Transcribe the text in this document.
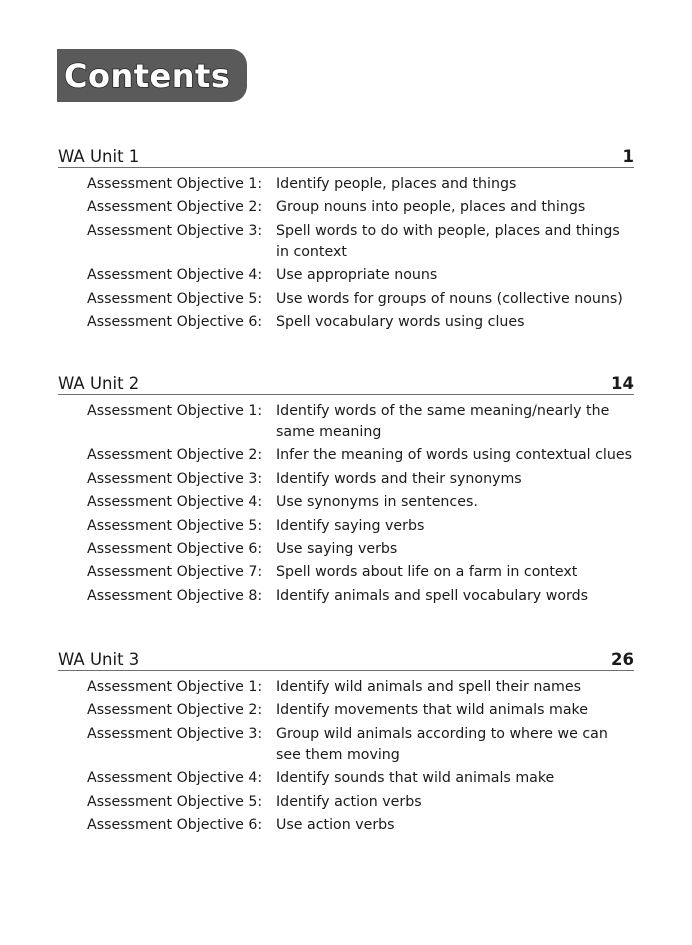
Contents
WA Unit 1	1
Assessment Objective 1: Identify people, places and things
Assessment Objective 2: Group nouns into people, places and things
Assessment Objective 3: Spell words to do with people, places and things in context
Assessment Objective 4: Use appropriate nouns
Assessment Objective 5: Use words for groups of nouns (collective nouns)
Assessment Objective 6: Spell vocabulary words using clues
WA Unit 2	14
Assessment Objective 1: Identify words of the same meaning/nearly the same meaning
Assessment Objective 2: Infer the meaning of words using contextual clues
Assessment Objective 3: Identify words and their synonyms
Assessment Objective 4: Use synonyms in sentences.
Assessment Objective 5: Identify saying verbs
Assessment Objective 6: Use saying verbs
Assessment Objective 7: Spell words about life on a farm in context
Assessment Objective 8: Identify animals and spell vocabulary words
WA Unit 3	26
Assessment Objective 1: Identify wild animals and spell their names
Assessment Objective 2: Identify movements that wild animals make
Assessment Objective 3: Group wild animals according to where we can see them moving
Assessment Objective 4: Identify sounds that wild animals make
Assessment Objective 5: Identify action verbs
Assessment Objective 6: Use action verbs
